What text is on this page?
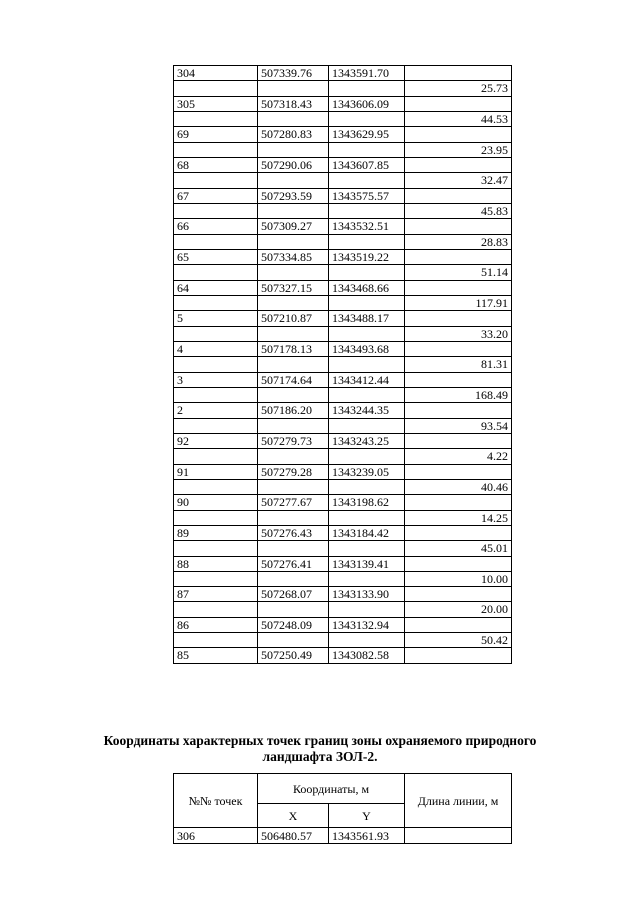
304	507339.76	1343591.70	
			25.73
305	507318.43	1343606.09	
			44.53
69	507280.83	1343629.95	
			23.95
68	507290.06	1343607.85	
			32.47
67	507293.59	1343575.57	
			45.83
66	507309.27	1343532.51	
			28.83
65	507334.85	1343519.22	
			51.14
64	507327.15	1343468.66	
			117.91
5	507210.87	1343488.17	
			33.20
4	507178.13	1343493.68	
			81.31
3	507174.64	1343412.44	
			168.49
2	507186.20	1343244.35	
			93.54
92	507279.73	1343243.25	
			4.22
91	507279.28	1343239.05	
			40.46
90	507277.67	1343198.62	
			14.25
89	507276.43	1343184.42	
			45.01
88	507276.41	1343139.41	
			10.00
87	507268.07	1343133.90	
			20.00
86	507248.09	1343132.94	
			50.42
85	507250.49	1343082.58	
Координаты характерных точек границ зоны охраняемого природного
ландшафта ЗОЛ-2.
№№ точек	Координаты, м		Длина линии, м
	X	Y	
306	506480.57	1343561.93	
